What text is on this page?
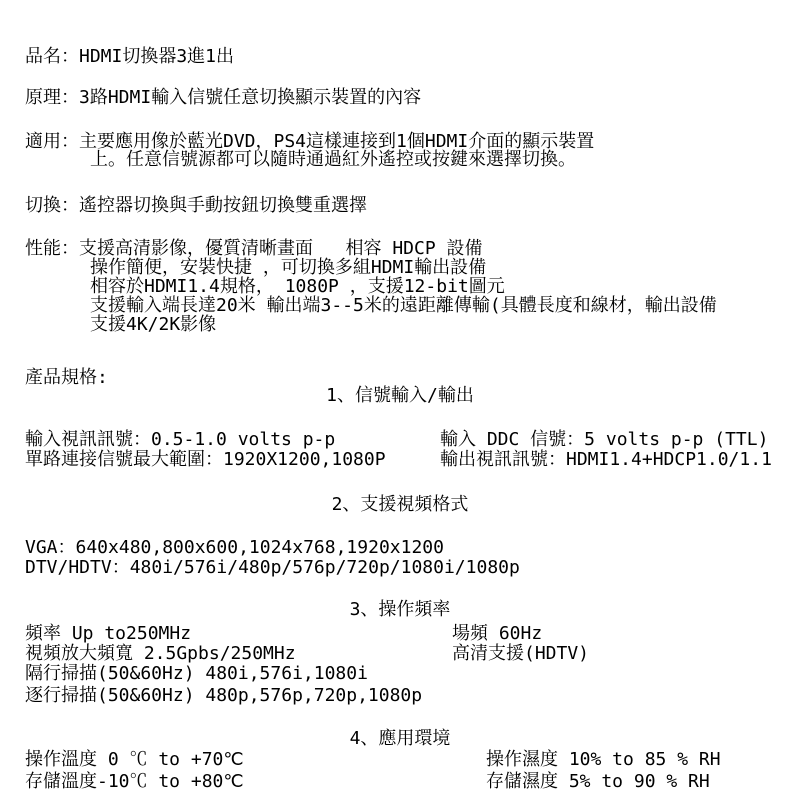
品名：HDMI切換器3進1出
原理：3路HDMI輸入信號任意切換顯示裝置的內容
適用：主要應用像於藍光DVD，PS4這樣連接到1個HDMI介面的顯示裝置
上。任意信號源都可以隨時通過紅外遙控或按鍵來選擇切換。
切換：遙控器切換與手動按鈕切換雙重選擇
性能：支援高清影像，優質清晰畫面   相容 HDCP 設備
操作簡便，安裝快捷 ，可切換多組HDMI輸出設備
相容於HDMI1.4規格， 1080P ，支援12-bit圖元
支援輸入端長達20米 輸出端3--5米的遠距離傳輸(具體長度和線材，輸出設備
支援4K/2K影像
產品規格:
1、信號輸入/輸出
輸入視訊訊號：0.5-1.0 volts p-p	輸入 DDC 信號：5 volts p-p (TTL)
單路連接信號最大範圍：1920X1200,1080P	輸出視訊訊號：HDMI1.4+HDCP1.0/1.1
2、支援視頻格式
VGA：640x480,800x600,1024x768,1920x1200
DTV/HDTV：480i/576i/480p/576p/720p/1080i/1080p
3、操作頻率
頻率 Up to250MHz	場頻 60Hz
視頻放大頻寬 2.5Gpbs/250MHz	高清支援(HDTV)
隔行掃描(50&60Hz) 480i,576i,1080i
逐行掃描(50&60Hz) 480p,576p,720p,1080p
4、應用環境
操作溫度 0 ℃ to +70℃	操作濕度 10% to 85 % RH
存儲溫度-10℃ to +80℃	存儲濕度 5% to 90 % RH
